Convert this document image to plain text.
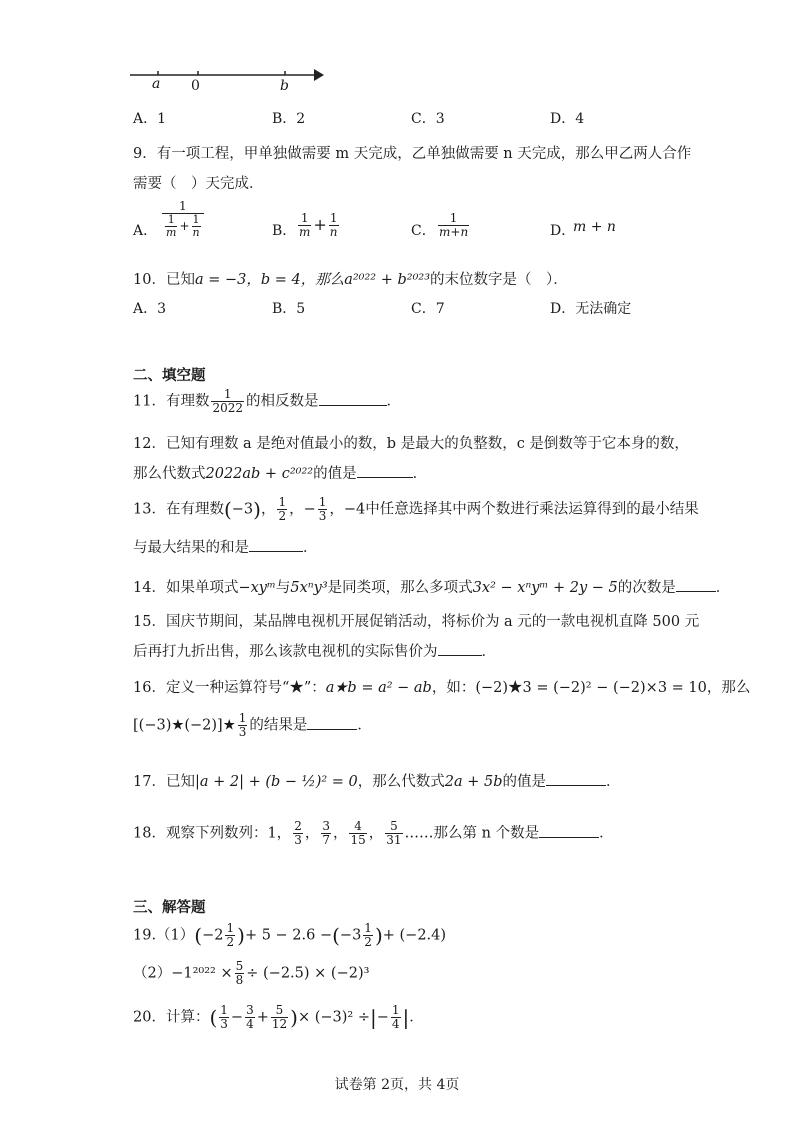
a 0	b
A．1	B．2	C．3	D．4
9．有一项工程，甲单独做需要 m 天完成，乙单独做需要 n 天完成，那么甲乙两人合作
需要（　）天完成．
A． $\frac{1}{\frac{1}{m} + \frac{1}{n}}$	B． $\frac{1}{m} + \frac{1}{n}$	C． $\frac{1}{m+n}$	D．
m + n
10．已知a = −3，b = 4，那么a²⁰²² + b²⁰²³的末位数字是（　）．
A．3	B．5	C．7	D．无法确定
二、填空题
11．有理数 $\frac{1}{2022}$ 的相反数是	．
12．已知有理数 a 是绝对值最小的数，b 是最大的负整数，c 是倒数等于它本身的数，
那么代数式2022ab + c²⁰²²的值是	．
13．在有理数(−3)， $\frac{1}{2}$ ，− $\frac{1}{3}$ ，−4中任意选择其中两个数进行乘法运算得到的最小结果
与最大结果的和是	．
14．如果单项式−xyᵐ与5xⁿy³是同类项，那么多项式3x² − xⁿyᵐ + 2y − 5的次数是	．
15．国庆节期间，某品牌电视机开展促销活动，将标价为 a 元的一款电视机直降 500 元
后再打九折出售，那么该款电视机的实际售价为	．
16．定义一种运算符号“★”：a★b = a² − ab，如：(−2)★3 = (−2)² − (−2)×3 = 10，那么
[(−3)★(−2)]★ $\frac{1}{3}$ 的结果是	．
17．已知|a + 2| + (b − ½)² = 0，那么代数式2a + 5b的值是	．
18．观察下列数列：1， $\frac{2}{3}$ ， $\frac{3}{7}$ ， $\frac{4}{15}$ ， $\frac{5}{31}$ ……那么第 n 个数是	．
三、解答题
$19.(1)(-2 \frac{1}{2}$ )+ $5 - 2.6 -(-3 \frac{1}{2}$ )+ (−2.4)
$(2)-1^{2022} \times \frac{5}{8} \div (-2.5) \times (-2)^3$
20．计算：( $\frac{1}{3} - \frac{3}{4} + \frac{5}{12}$ )× (−3)² ÷|− $\frac{1}{4}$ |．
试卷第 2页，共 4页
